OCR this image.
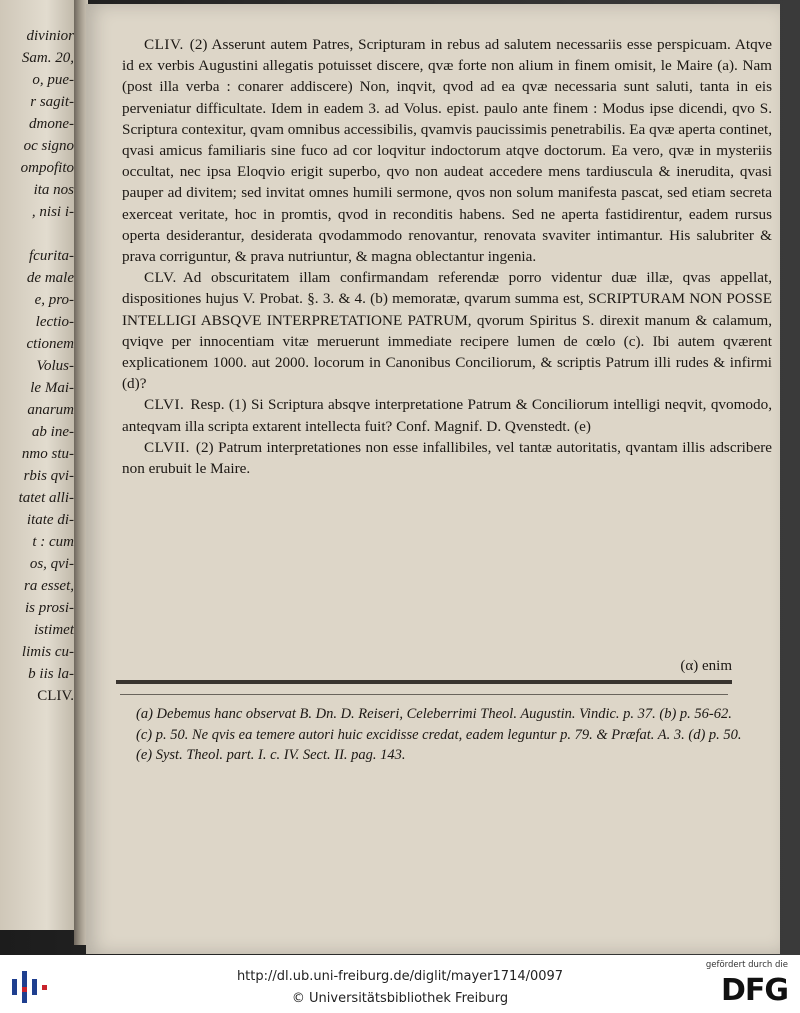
divinior
Sam. 20,
o, pue-
r sagit-
dmone-
oc signo
ompofito
ita nos
, nisi i-
fcurita-
de male
e, pro-
lectio-
ctionem
Volus-
le Mai-
anarum
ab ine-
nmo stu-
rbis qvi-
tatet alli-
itate di-
t : cum
os, qvi-
ra esset,
is prosi-
istimet
limis cu-
b iis la-
CLIV.

CLIV. (2) Asserunt autem Patres, Scripturam in rebus ad salutem necessariis esse perspicuam. Atqve id ex verbis Augustini allegatis potuisset discere, qvæ forte non alium in finem omisit, le Maire (a). Nam (post illa verba : conarer addiscere) Non, inqvit, qvod ad ea qvæ necessaria sunt saluti, tanta in eis perveniatur difficultate. Idem in eadem 3. ad Volus. epist. paulo ante finem : Modus ipse dicendi, qvo S. Scriptura contexitur, qvam omnibus accessibilis, qvamvis paucissimis penetrabilis. Ea qvæ aperta continet, qvasi amicus familiaris sine fuco ad cor loqvitur indoctorum atqve doctorum. Ea vero, qvæ in mysteriis occultat, nec ipsa Eloqvio erigit superbo, qvo non audeat accedere mens tardiuscula & inerudita, qvasi pauper ad divitem; sed invitat omnes humili sermone, qvos non solum manifesta pascat, sed etiam secreta exerceat veritate, hoc in promtis, qvod in reconditis habens. Sed ne aperta fastidirentur, eadem rursus operta desiderantur, desiderata qvodammodo renovantur, renovata svaviter intimantur. His salubriter & prava corriguntur, & prava nutriuntur, & magna oblectantur ingenia.

CLV. Ad obscuritatem illam confirmandam referendæ porro videntur duæ illæ, qvas appellat, dispositiones hujus V. Probat. §. 3. & 4. (b) memoratæ, qvarum summa est, SCRIPTURAM NON POSSE INTELLIGI ABSQVE INTERPRETATIONE PATRUM, qvorum Spiritus S. direxit manum & calamum, qviqve per innocentiam vitæ meruerunt immediate recipere lumen de cœlo (c). Ibi autem qværent explicationem 1000. aut 2000. locorum in Canonibus Conciliorum, & scriptis Patrum illi rudes & infirmi (d)?

CLVI. Resp. (1) Si Scriptura absqve interpretatione Patrum & Conciliorum intelligi neqvit, qvomodo, anteqvam illa scripta extarent intellecta fuit? Conf. Magnif. D. Qvenstedt. (e)

CLVII. (2) Patrum interpretationes non esse infallibiles, vel tantæ autoritatis, qvantam illis adscribere non erubuit le Maire.

(α) enim
(a) Debemus hanc observat B. Dn. D. Reiseri, Celeberrimi Theol. Augustin. Vindic. p. 37. (b) p. 56-62. (c) p. 50. Ne qvis ea temere autori huic excidisse credat, eadem leguntur p. 79. & Præfat. A. 3. (d) p. 50. (e) Syst. Theol. part. I. c. IV. Sect. II. pag. 143.
http://dl.ub.uni-freiburg.de/diglit/mayer1714/0097
© Universitätsbibliothek Freiburg
gefördert durch die
DFG
